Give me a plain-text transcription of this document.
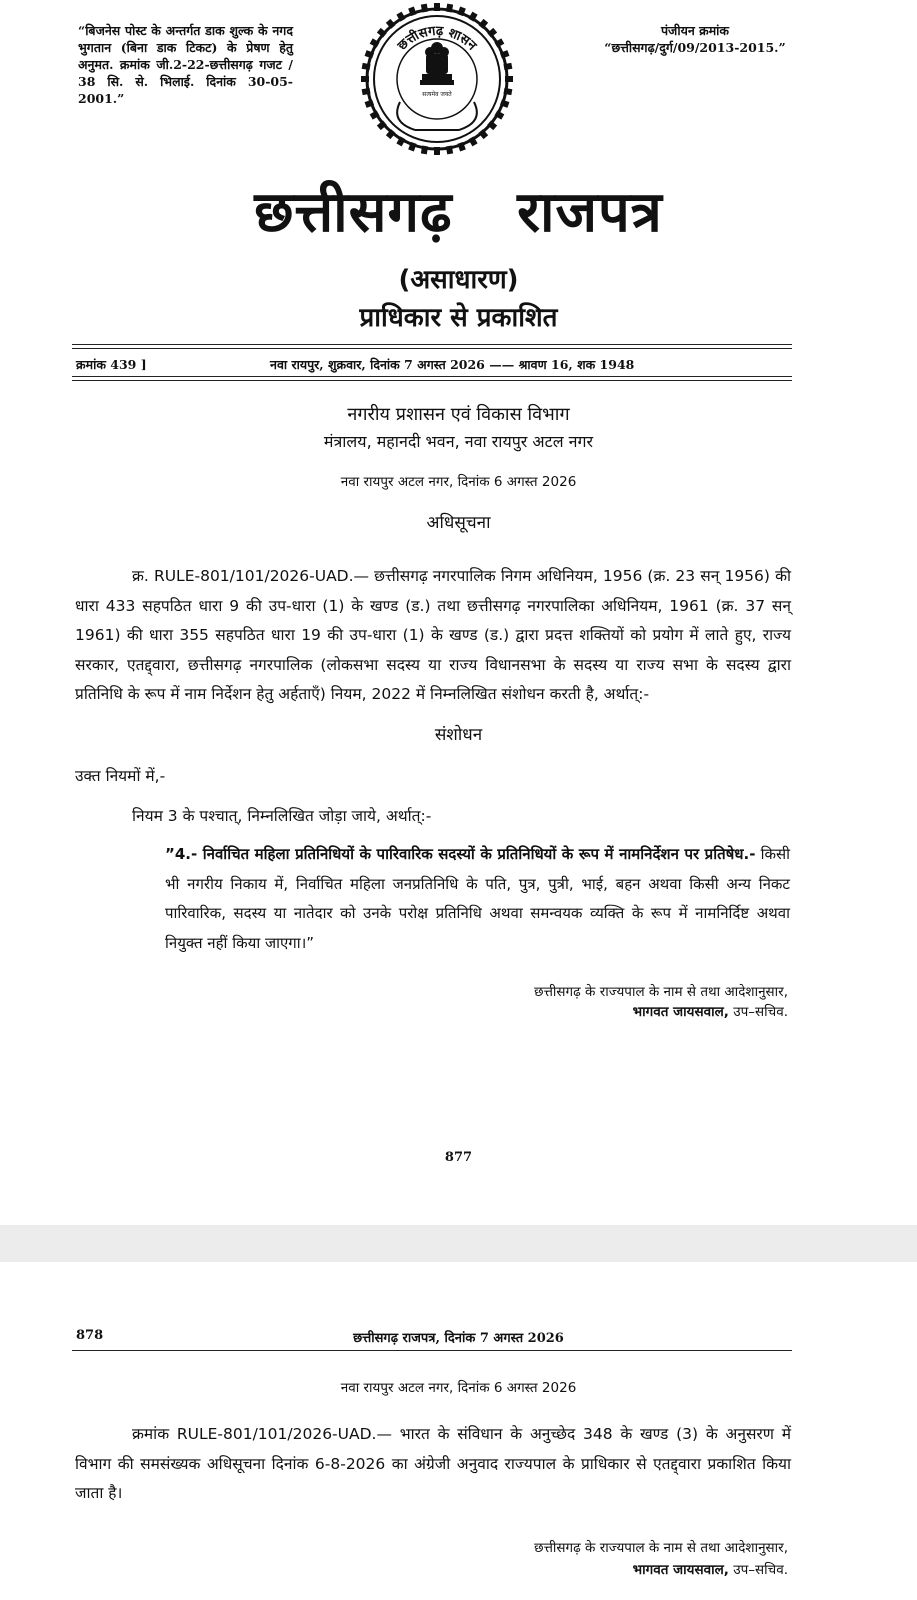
“बिजनेस पोस्ट के अन्तर्गत डाक शुल्क के नगद भुगतान (बिना डाक टिकट) के प्रेषण हेतु अनुमत. क्रमांक जी.2-22-छत्तीसगढ़ गजट / 38 सि. से. भिलाई. दिनांक 30-05-2001.”
पंजीयन क्रमांक
“छत्तीसगढ़/दुर्ग/09/2013-2015.”
छत्तीसगढ़ शासन
सत्यमेव जयते
छत्तीसगढ़ राजपत्र
(असाधारण)
प्राधिकार से प्रकाशित
क्रमांक 439 ]	नवा रायपुर, शुक्रवार, दिनांक 7 अगस्त 2026 —— श्रावण 16, शक 1948
नगरीय प्रशासन एवं विकास विभाग
मंत्रालय, महानदी भवन, नवा रायपुर अटल नगर
नवा रायपुर अटल नगर, दिनांक 6 अगस्त 2026
अधिसूचना
क्र. RULE-801/101/2026-UAD.— छत्तीसगढ़ नगरपालिक निगम अधिनियम, 1956 (क्र. 23 सन् 1956) की धारा 433 सहपठित धारा 9 की उप-धारा (1) के खण्ड (ड.) तथा छत्तीसगढ़ नगरपालिका अधिनियम, 1961 (क्र. 37 सन् 1961) की धारा 355 सहपठित धारा 19 की उप-धारा (1) के खण्ड (ड.) द्वारा प्रदत्त शक्तियों को प्रयोग में लाते हुए, राज्य सरकार, एतद्द्वारा, छत्तीसगढ़ नगरपालिक (लोकसभा सदस्य या राज्य विधानसभा के सदस्य या राज्य सभा के सदस्य द्वारा प्रतिनिधि के रूप में नाम निर्देशन हेतु अर्हताएँ) नियम, 2022 में निम्नलिखित संशोधन करती है, अर्थात्:-
संशोधन
उक्त नियमों में,-
नियम 3 के पश्चात्, निम्नलिखित जोड़ा जाये, अर्थात्:-
”4.- निर्वाचित महिला प्रतिनिधियों के पारिवारिक सदस्यों के प्रतिनिधियों के रूप में नामनिर्देशन पर प्रतिषेध.- किसी भी नगरीय निकाय में, निर्वाचित महिला जनप्रतिनिधि के पति, पुत्र, पुत्री, भाई, बहन अथवा किसी अन्य निकट पारिवारिक, सदस्य या नातेदार को उनके परोक्ष प्रतिनिधि अथवा समन्वयक व्यक्ति के रूप में नामनिर्दिष्ट अथवा नियुक्त नहीं किया जाएगा।”
छत्तीसगढ़ के राज्यपाल के नाम से तथा आदेशानुसार,
भागवत जायसवाल, उप–सचिव.
877
878	छत्तीसगढ़ राजपत्र, दिनांक 7 अगस्त 2026
नवा रायपुर अटल नगर, दिनांक 6 अगस्त 2026
क्रमांक RULE-801/101/2026-UAD.— भारत के संविधान के अनुच्छेद 348 के खण्ड (3) के अनुसरण में विभाग की समसंख्यक अधिसूचना दिनांक 6-8-2026 का अंग्रेजी अनुवाद राज्यपाल के प्राधिकार से एतद्द्वारा प्रकाशित किया जाता है।
छत्तीसगढ़ के राज्यपाल के नाम से तथा आदेशानुसार,
भागवत जायसवाल, उप–सचिव.
